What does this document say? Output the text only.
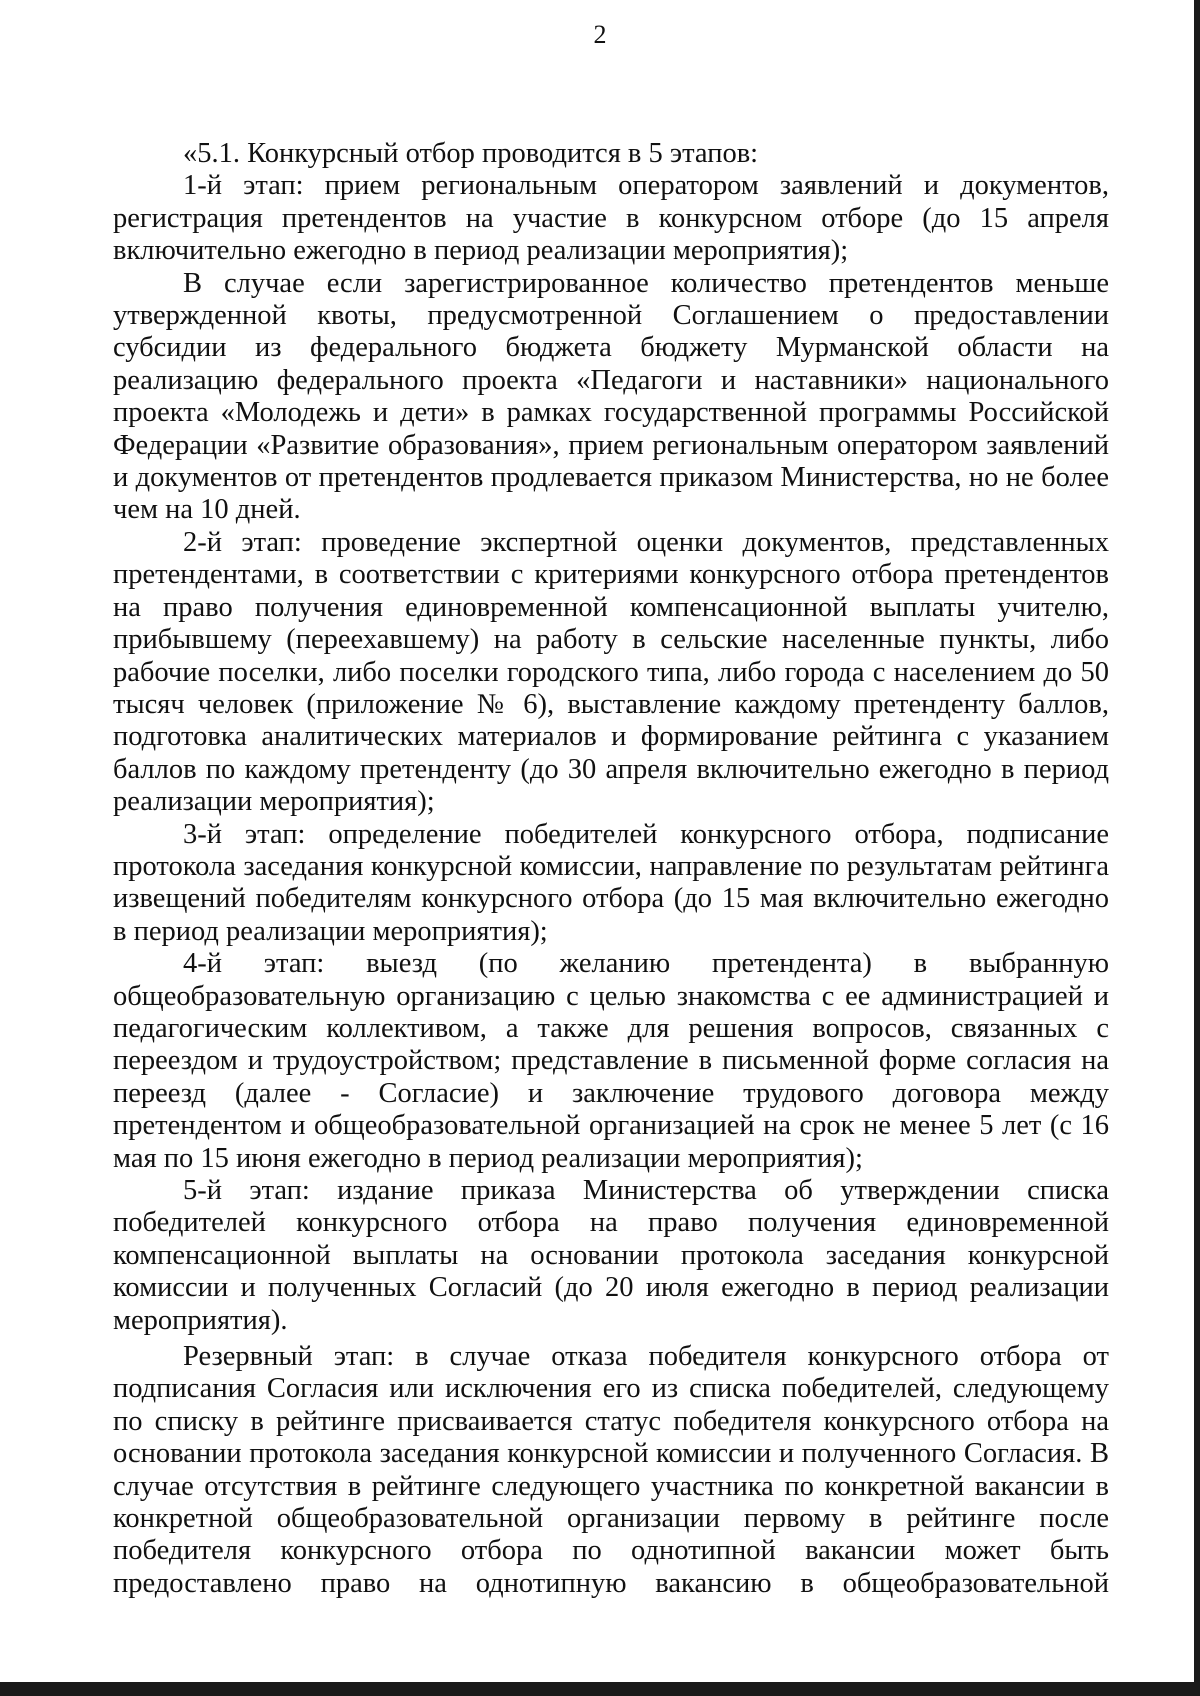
2

«5.1. Конкурсный отбор проводится в 5 этапов:

1-й этап: прием региональным оператором заявлений и документов, регистрация претендентов на участие в конкурсном отборе (до 15 апреля включительно ежегодно в период реализации мероприятия);

В случае если зарегистрированное количество претендентов меньше утвержденной квоты, предусмотренной Соглашением о предоставлении субсидии из федерального бюджета бюджету Мурманской области на реализацию федерального проекта «Педагоги и наставники» национального проекта «Молодежь и дети» в рамках государственной программы Российской Федерации «Развитие образования», прием региональным оператором заявлений и документов от претендентов продлевается приказом Министерства, но не более чем на 10 дней.

2-й этап: проведение экспертной оценки документов, представленных претендентами, в соответствии с критериями конкурсного отбора претендентов на право получения единовременной компенсационной выплаты учителю, прибывшему (переехавшему) на работу в сельские населенные пункты, либо рабочие поселки, либо поселки городского типа, либо города с населением до 50 тысяч человек (приложение № 6), выставление каждому претенденту баллов, подготовка аналитических материалов и формирование рейтинга с указанием баллов по каждому претенденту (до 30 апреля включительно ежегодно в период реализации мероприятия);

3-й этап: определение победителей конкурсного отбора, подписание протокола заседания конкурсной комиссии, направление по результатам рейтинга извещений победителям конкурсного отбора (до 15 мая включительно ежегодно в период реализации мероприятия);

4-й этап: выезд (по желанию претендента) в выбранную общеобразовательную организацию с целью знакомства с ее администрацией и педагогическим коллективом, а также для решения вопросов, связанных с переездом и трудоустройством; представление в письменной форме согласия на переезд (далее - Согласие) и заключение трудового договора между претендентом и общеобразовательной организацией на срок не менее 5 лет (с 16 мая по 15 июня ежегодно в период реализации мероприятия);

5-й этап: издание приказа Министерства об утверждении списка победителей конкурсного отбора на право получения единовременной компенсационной выплаты на основании протокола заседания конкурсной комиссии и полученных Согласий (до 20 июля ежегодно в период реализации мероприятия).

Резервный этап: в случае отказа победителя конкурсного отбора от подписания Согласия или исключения его из списка победителей, следующему по списку в рейтинге присваивается статус победителя конкурсного отбора на основании протокола заседания конкурсной комиссии и полученного Согласия. В случае отсутствия в рейтинге следующего участника по конкретной вакансии в конкретной общеобразовательной организации первому в рейтинге после победителя конкурсного отбора по однотипной вакансии может быть предоставлено право на однотипную вакансию в общеобразовательной
